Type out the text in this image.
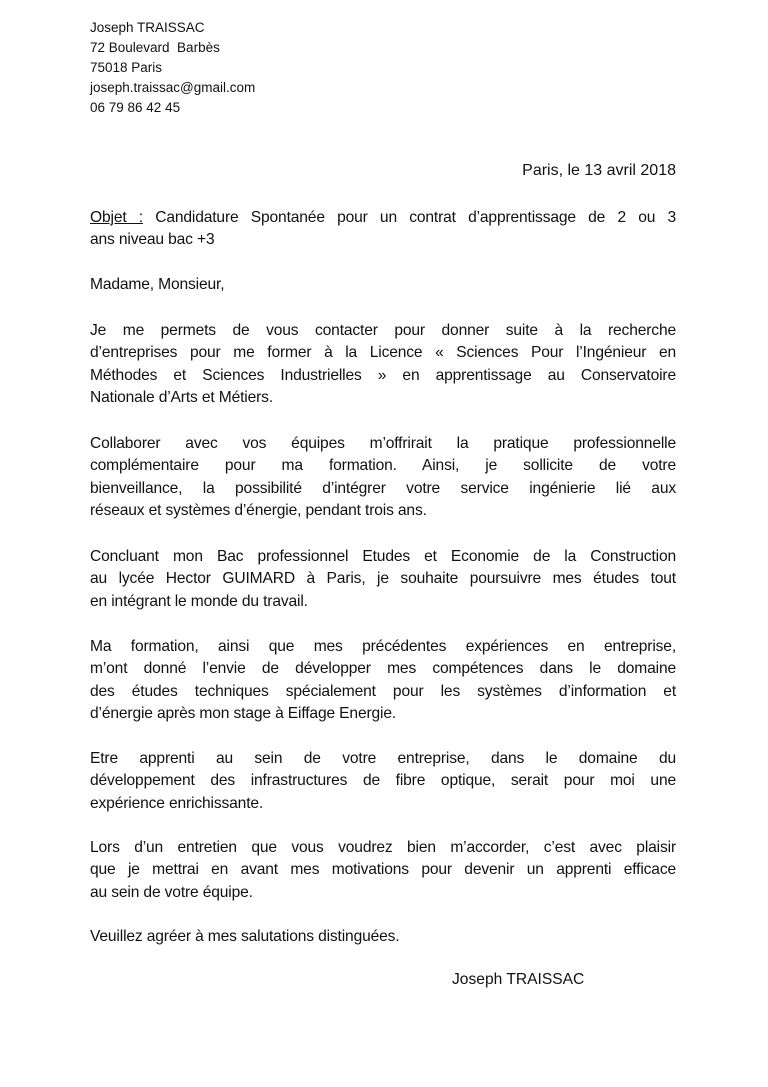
Joseph TRAISSAC
72 Boulevard  Barbès
75018 Paris
joseph.traissac@gmail.com
06 79 86 42 45
Paris, le 13 avril 2018
Objet : Candidature Spontanée pour un contrat d’apprentissage de 2 ou 3
ans niveau bac +3
Madame, Monsieur,
Je me permets de vous contacter pour donner suite à la recherche
d’entreprises pour me former à la Licence « Sciences Pour l’Ingénieur en
Méthodes et Sciences Industrielles » en apprentissage au Conservatoire
Nationale d’Arts et Métiers.
Collaborer avec vos équipes m’offrirait la pratique professionnelle
complémentaire pour ma formation. Ainsi, je sollicite de votre
bienveillance, la possibilité d’intégrer votre service ingénierie lié aux
réseaux et systèmes d’énergie, pendant trois ans.
Concluant mon Bac professionnel Etudes et Economie de la Construction
au lycée Hector GUIMARD à Paris, je souhaite poursuivre mes études tout
en intégrant le monde du travail.
Ma formation, ainsi que mes précédentes expériences en entreprise,
m’ont donné l’envie de développer mes compétences dans le domaine
des études techniques spécialement pour les systèmes d’information et
d’énergie après mon stage à Eiffage Energie.
Etre apprenti au sein de votre entreprise, dans le domaine du
développement des infrastructures de fibre optique, serait pour moi une
expérience enrichissante.
Lors d’un entretien que vous voudrez bien m’accorder, c’est avec plaisir
que je mettrai en avant mes motivations pour devenir un apprenti efficace
au sein de votre équipe.
Veuillez agréer à mes salutations distinguées.
Joseph TRAISSAC
